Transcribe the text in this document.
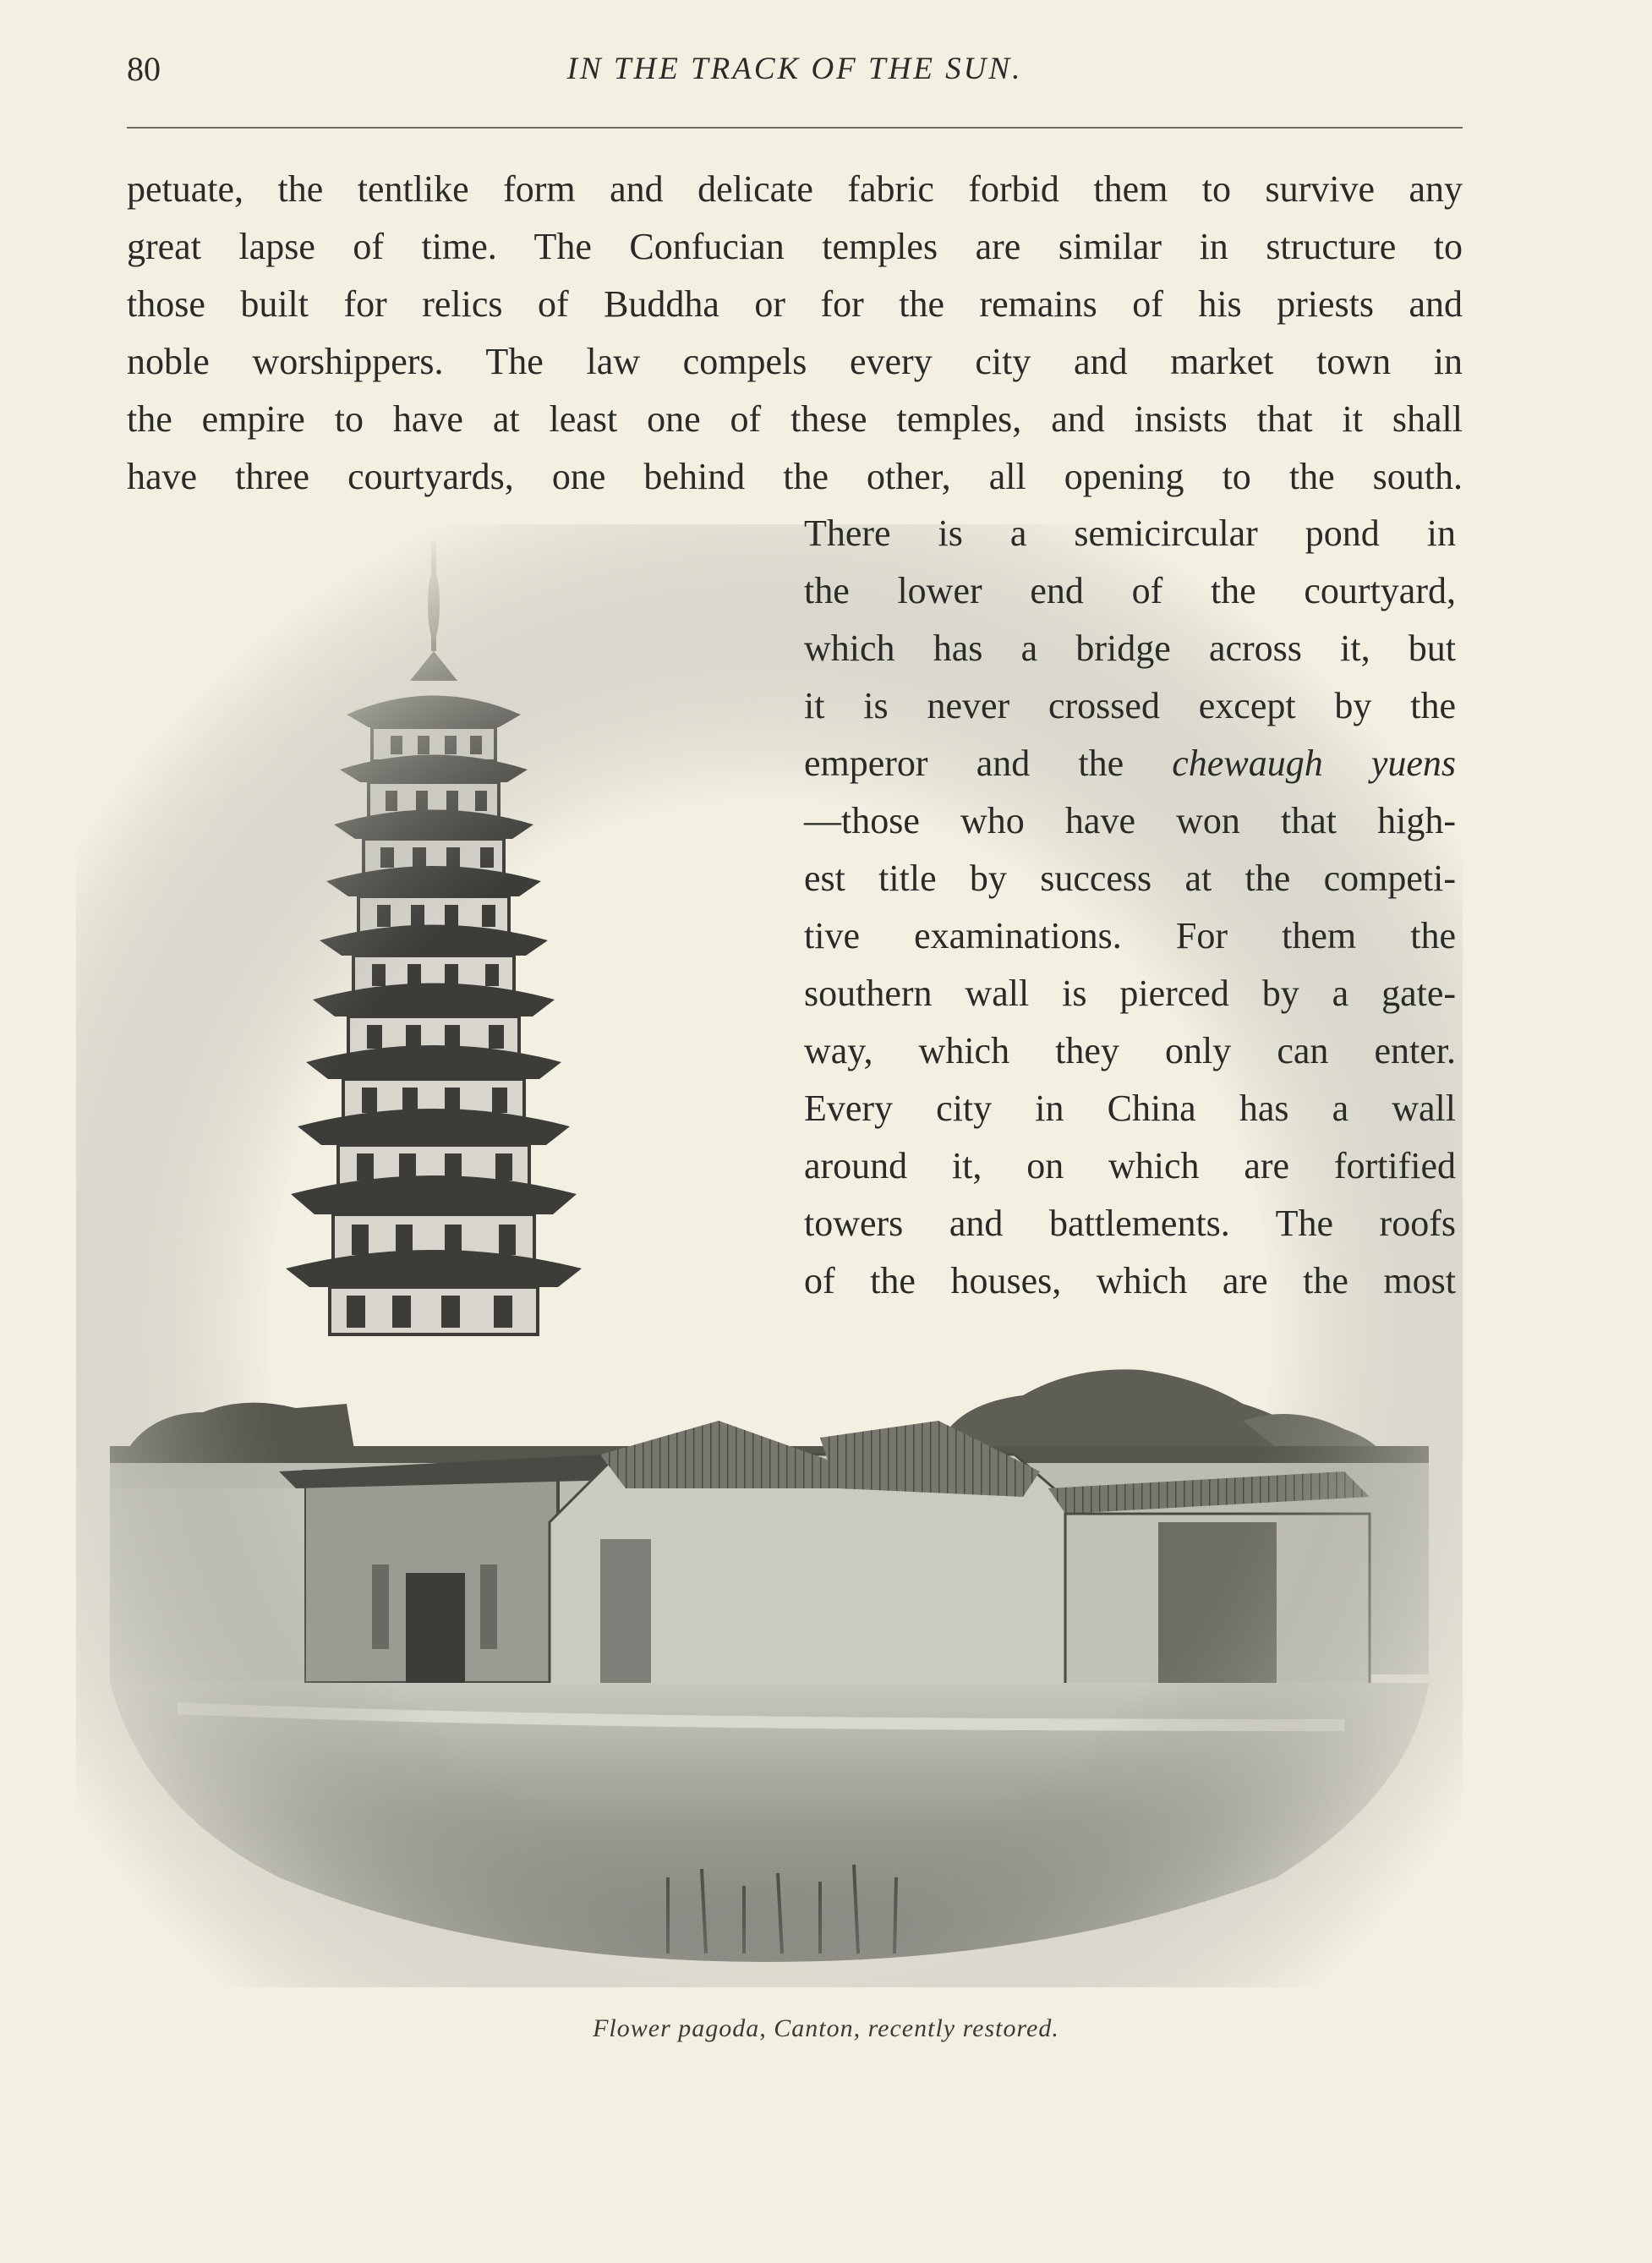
80	IN THE TRACK OF THE SUN.
petuate, the tentlike form and delicate fabric forbid them to survive any
great lapse of time. The Confucian temples are similar in structure to
those built for relics of Buddha or for the remains of his priests and
noble worshippers. The law compels every city and market town in
the empire to have at least one of these temples, and insists that it shall
have three courtyards, one behind the other, all opening to the south.
There is a semicircular pond in
the lower end of the courtyard,
which has a bridge across it, but
it is never crossed except by the
emperor and the chewaugh yuens
—those who have won that high-
est title by success at the competi-
tive examinations. For them the
southern wall is pierced by a gate-
way, which they only can enter.
Every city in China has a wall
around it, on which are fortified
towers and battlements. The roofs
of the houses, which are the most
Flower pagoda, Canton, recently restored.
